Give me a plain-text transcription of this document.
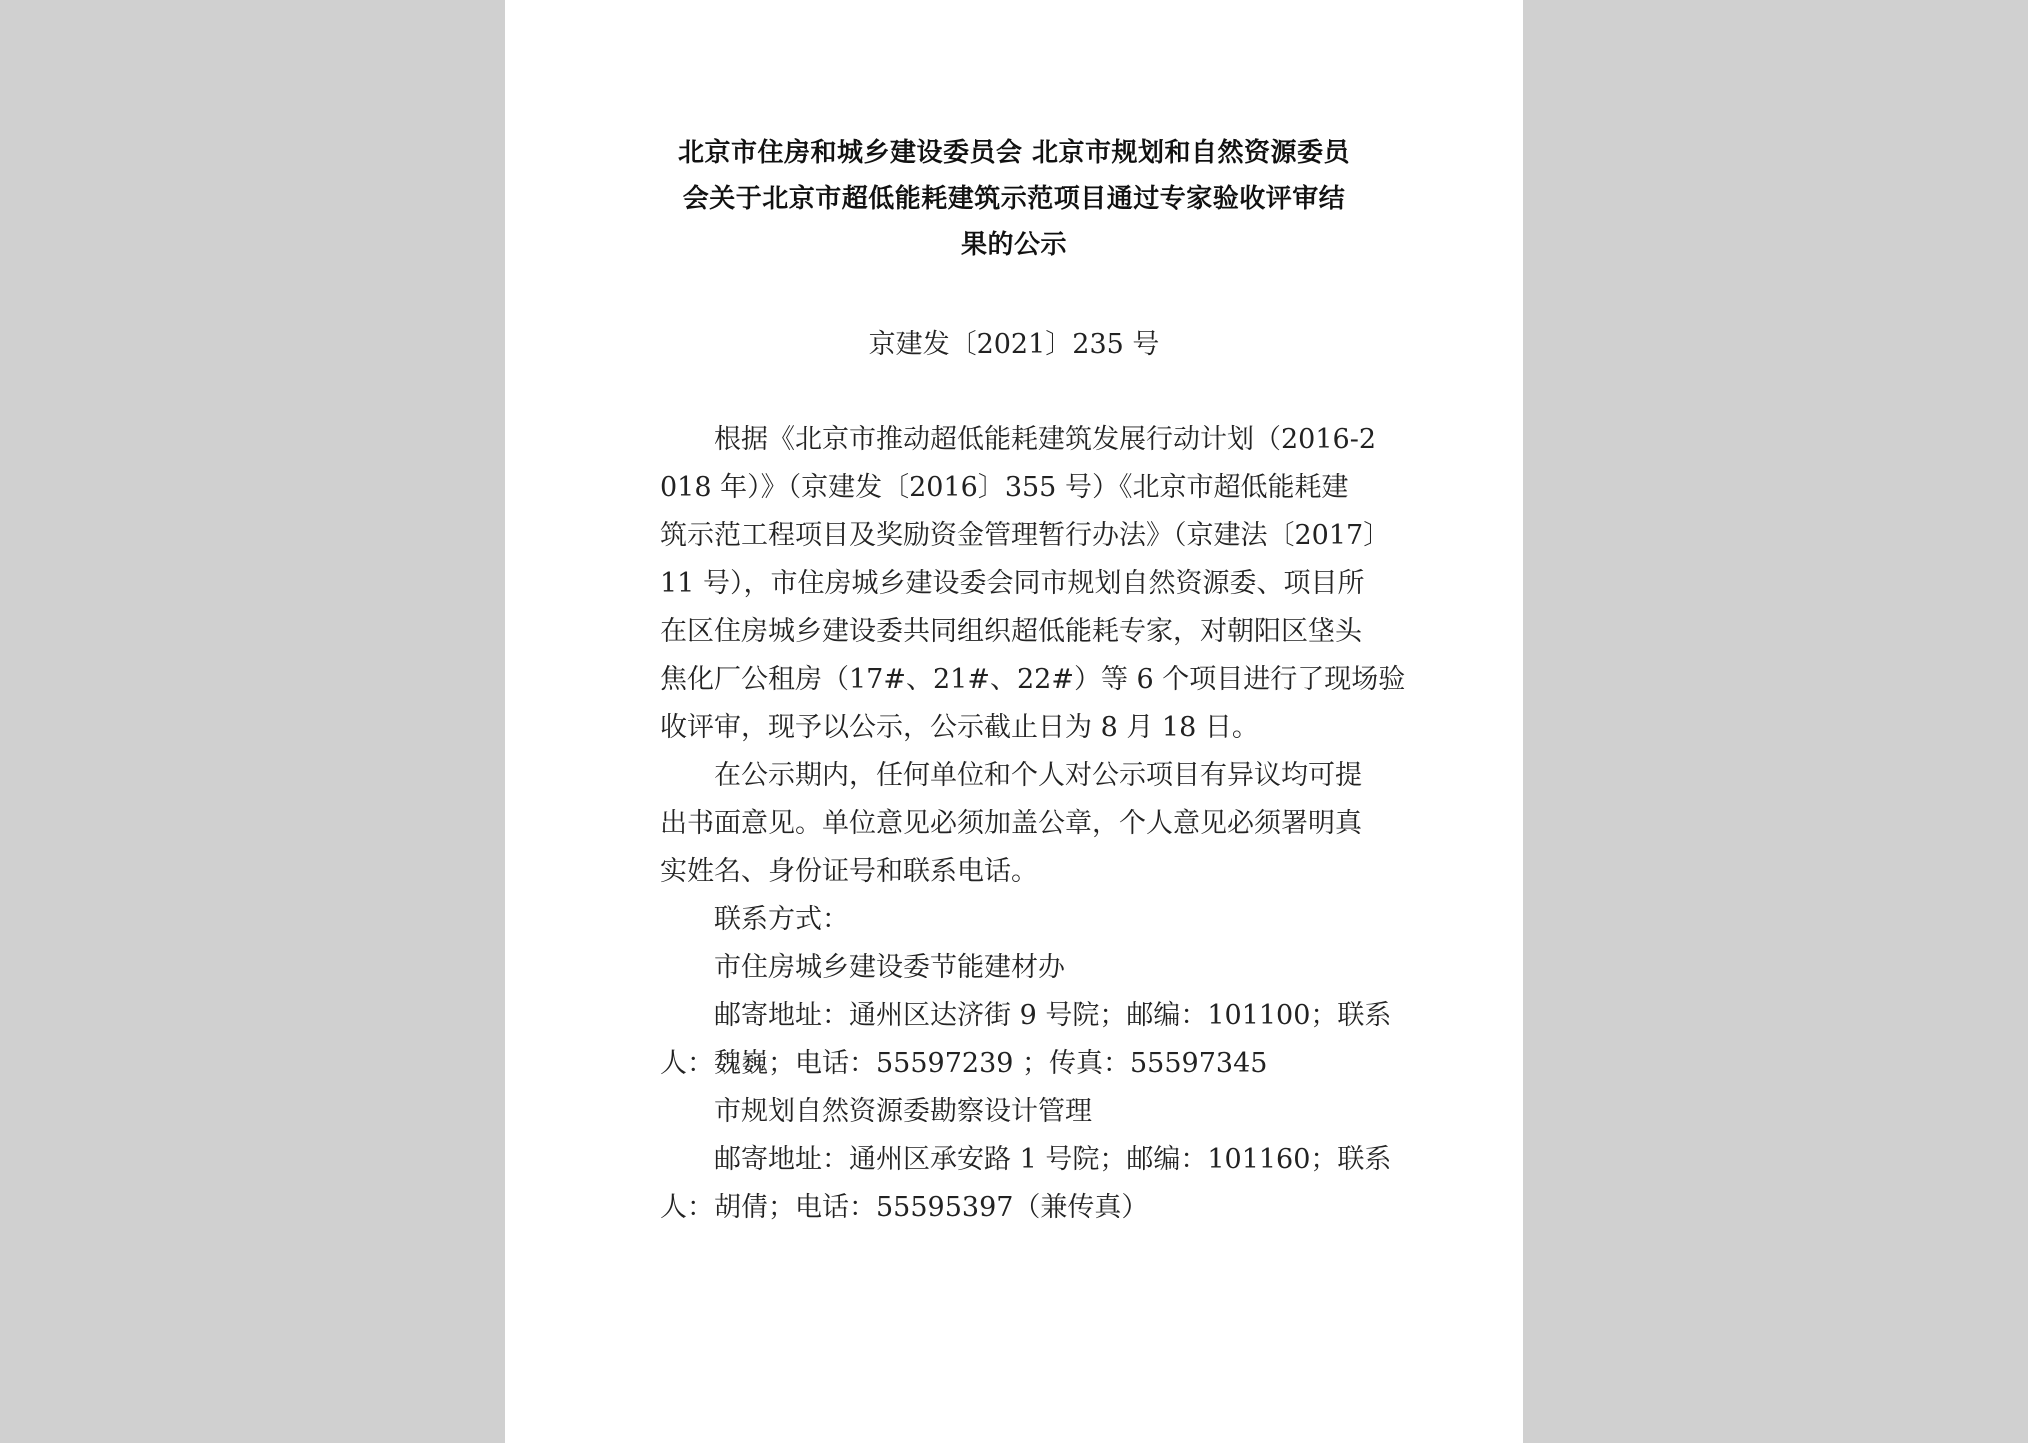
北京市住房和城乡建设委员会 北京市规划和自然资源委员
会关于北京市超低能耗建筑示范项目通过专家验收评审结
果的公示
京建发〔2021〕235 号
根据《北京市推动超低能耗建筑发展行动计划（2016-2
018 年）》（京建发〔2016〕355 号）《北京市超低能耗建
筑示范工程项目及奖励资金管理暂行办法》（京建法〔2017〕
11 号），市住房城乡建设委会同市规划自然资源委、项目所
在区住房城乡建设委共同组织超低能耗专家，对朝阳区垡头
焦化厂公租房（17#、21#、22#）等 6 个项目进行了现场验
收评审，现予以公示，公示截止日为 8 月 18 日。
在公示期内，任何单位和个人对公示项目有异议均可提
出书面意见。单位意见必须加盖公章，个人意见必须署明真
实姓名、身份证号和联系电话。
联系方式：
市住房城乡建设委节能建材办
邮寄地址：通州区达济街 9 号院；邮编：101100；联系
人：魏巍；电话：55597239 ；传真：55597345
市规划自然资源委勘察设计管理
邮寄地址：通州区承安路 1 号院；邮编：101160；联系
人：胡倩；电话：55595397（兼传真）
